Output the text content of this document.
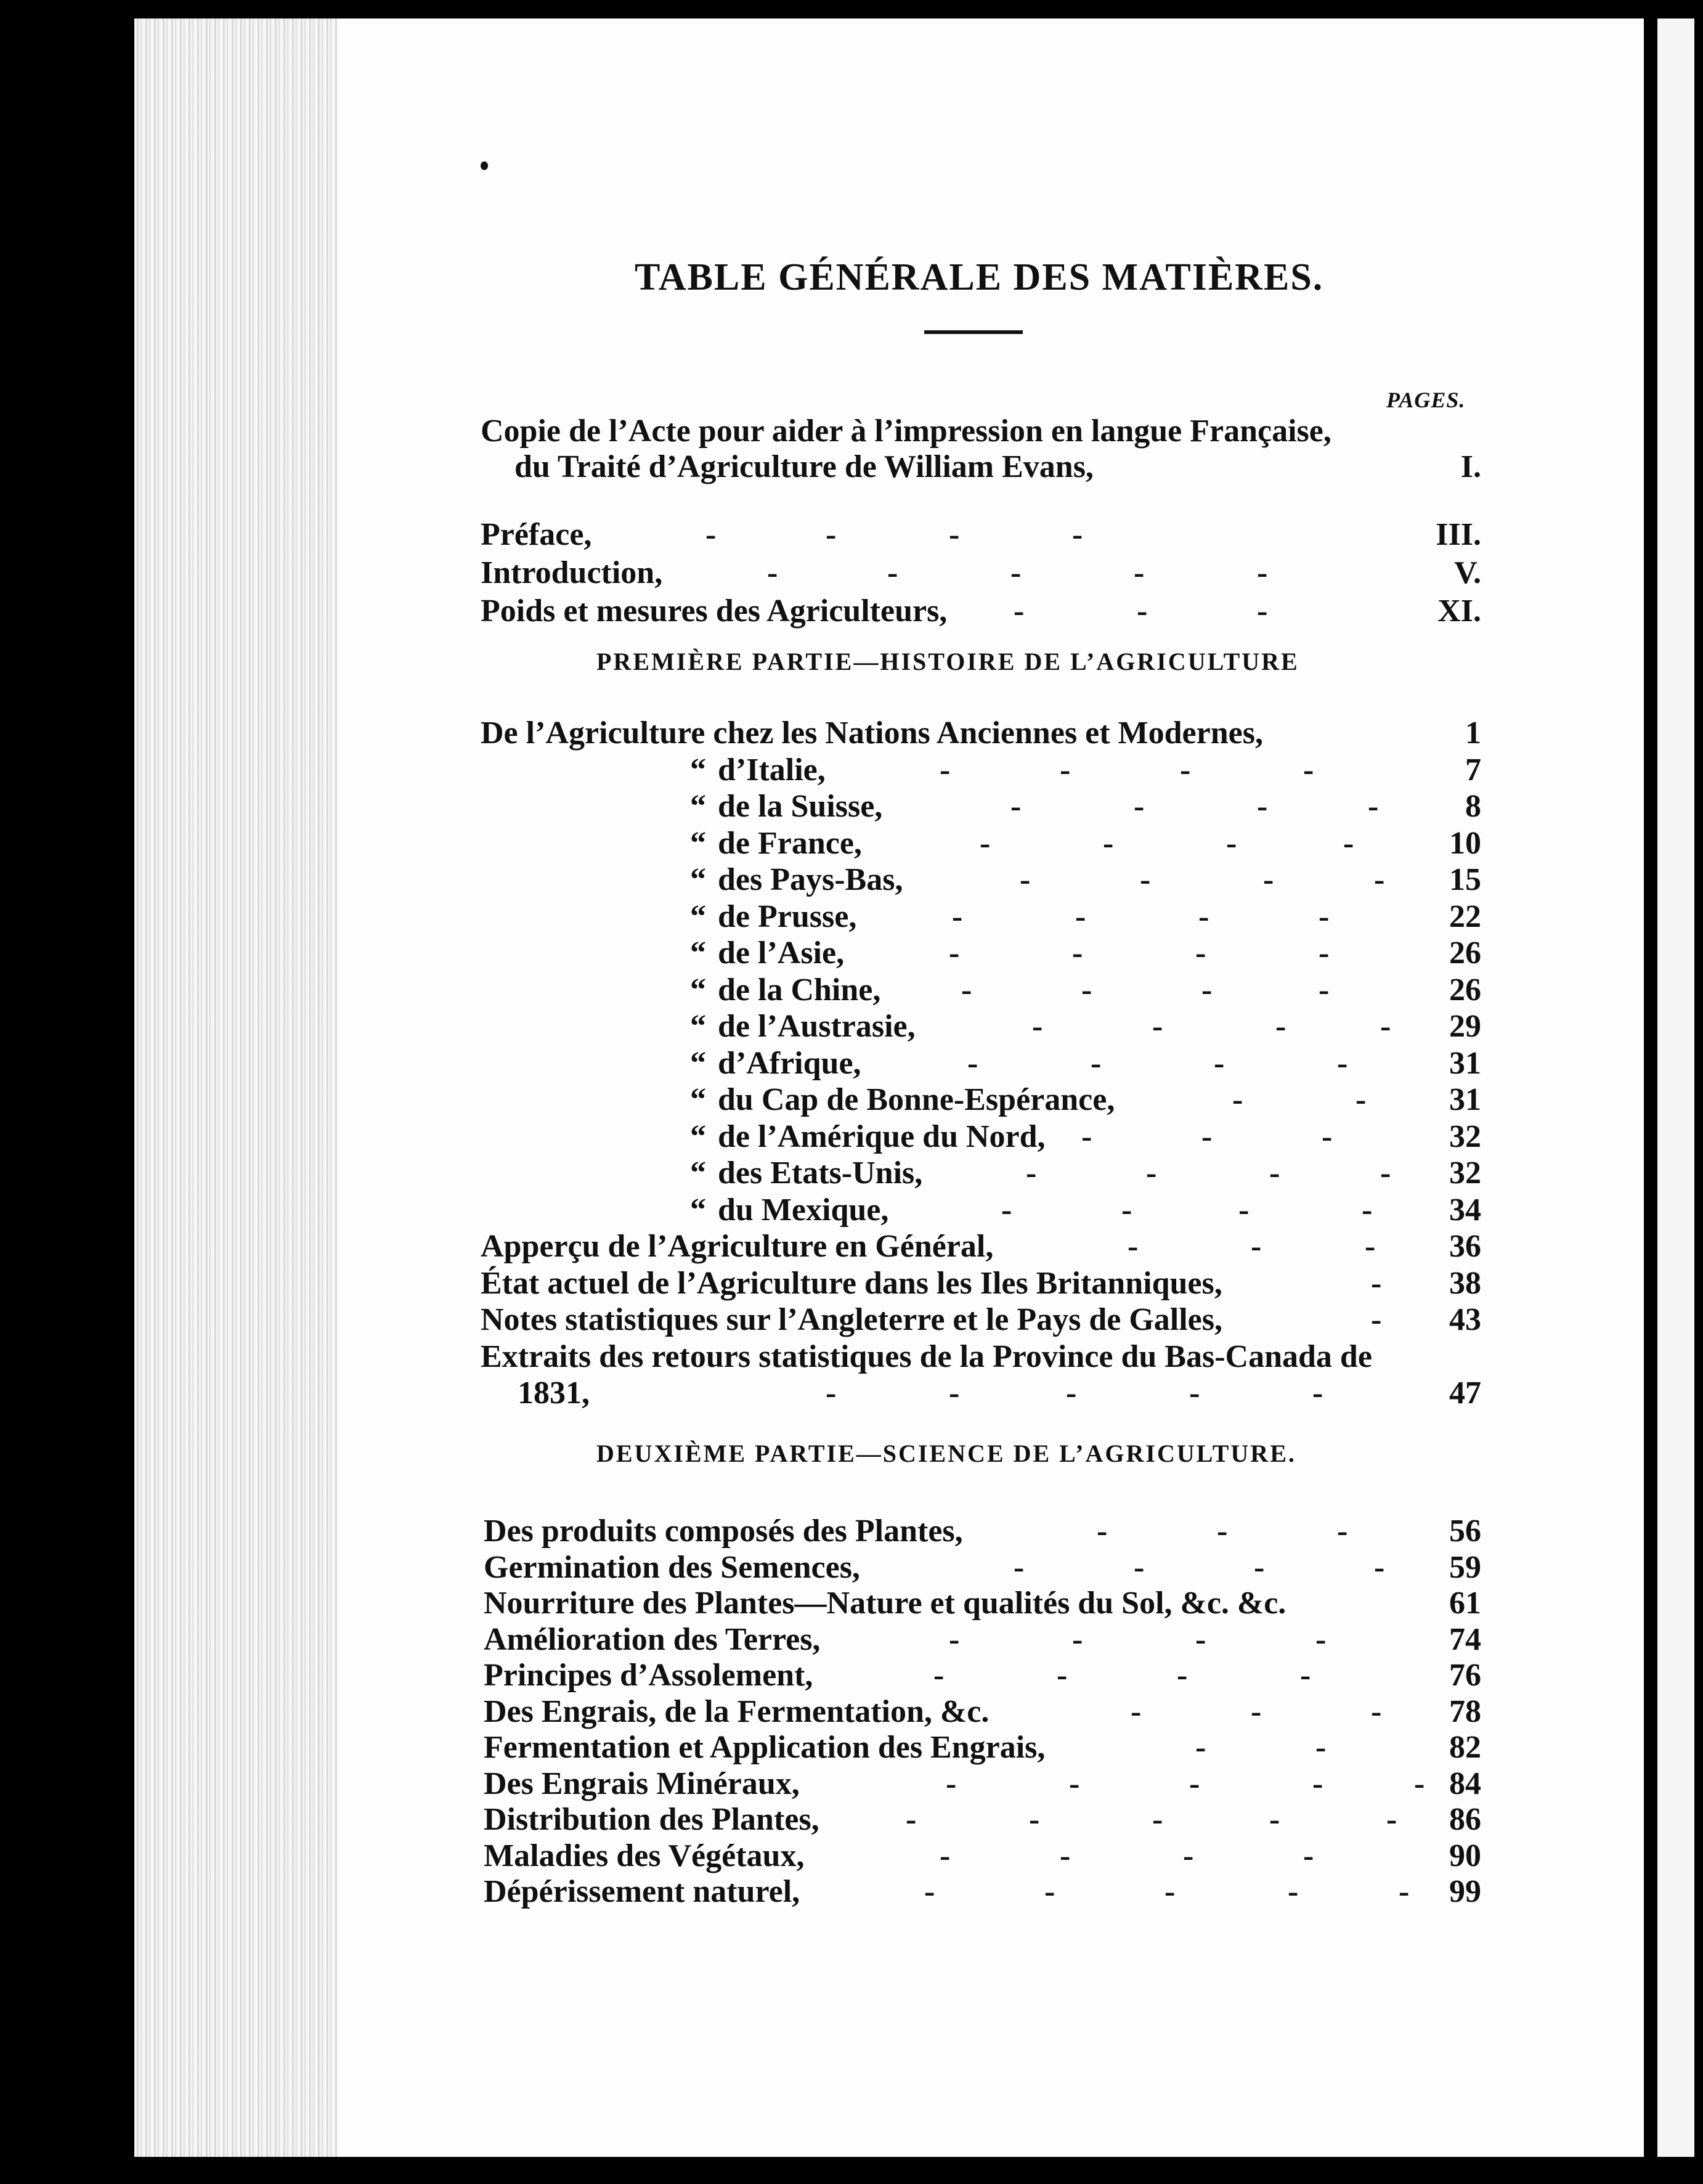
TABLE GÉNÉRALE DES MATIÈRES.
PAGES.
Copie de l’Acte pour aider à l’impression en langue Française,
du Traité d’Agriculture de William Evans,	I.
Préface,	-	-	-	-	III.
Introduction,	-	-	-	-	-	V.
Poids et mesures des Agriculteurs, -	-	-	XI.
PREMIÈRE PARTIE—HISTOIRE DE L’AGRICULTURE
De l’Agriculture chez les Nations Anciennes et Modernes,	1
“ d’Italie,	-	-	-	-	7
“ de la Suisse,	-	-	-	-	8
“ de France,	-	-	-	-	10
“ des Pays-Bas,	-	-	-	- 15
“ de Prusse,	-	-	-	-	22
“ de l’Asie,	-	-	-	-	26
“ de la Chine,	-	-	-	-	26
“ de l’Austrasie,	-	-	-	- 29
“ d’Afrique,	-	-	-	-	31
“ du Cap de Bonne-Espérance,	-	-	31
“ de l’Amérique du Nord, -	-	-	32
“ des Etats-Unis,	-	-	-	- 32
“ du Mexique,	-	-	-	- 34
Apperçu de l’Agriculture en Général,	-	-	- 36
État actuel de l’Agriculture dans les Iles Britanniques,	- 38
Notes statistiques sur l’Angleterre et le Pays de Galles,	- 43
Extraits des retours statistiques de la Province du Bas-Canada de
1831,	-	-	-	-	-	47
DEUXIÈME PARTIE—SCIENCE DE L’AGRICULTURE.
Des produits composés des Plantes,	-	-	-	56
Germination des Semences,	-	-	-	- 59
Nourriture des Plantes—Nature et qualités du Sol, &c. &c.	61
Amélioration des Terres,	-	-	-	-	74
Principes d’Assolement,	-	-	-	-	76
Des Engrais, de la Fermentation, &c.	-	-	- 78
Fermentation et Application des Engrais,	-	-	82
Des Engrais Minéraux,	-	-	-	-	- 84
Distribution des Plantes,	-	-	-	-	- 86
Maladies des Végétaux,	-	-	-	-	90
Dépérissement naturel,	-	-	-	-	- 99
